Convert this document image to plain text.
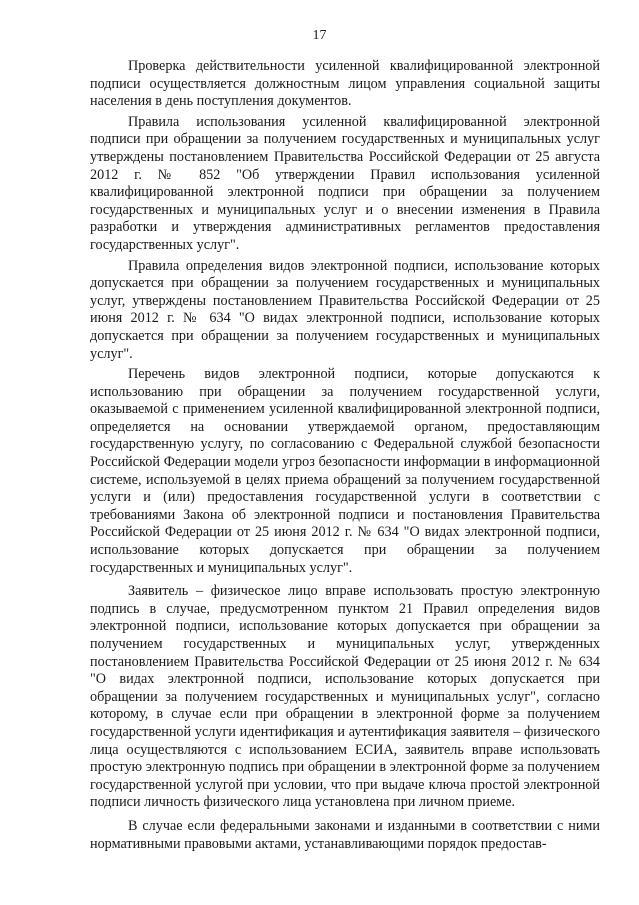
17

Проверка действительности усиленной квалифицированной электронной подписи осуществляется должностным лицом управления социальной защиты населения в день поступления документов.

Правила использования усиленной квалифицированной электронной подписи при обращении за получением государственных и муниципальных услуг утверждены постановлением Правительства Российской Федерации от 25 августа 2012 г. № 852 "Об утверждении Правил использования усиленной квалифицированной электронной подписи при обращении за получением государственных и муниципальных услуг и о внесении изменения в Правила разработки и утверждения административных регламентов предоставления государственных услуг".

Правила определения видов электронной подписи, использование которых допускается при обращении за получением государственных и муниципальных услуг, утверждены постановлением Правительства Российской Федерации от 25 июня 2012 г. № 634 "О видах электронной подписи, использование которых допускается при обращении за получением государственных и муниципальных услуг".

Перечень видов электронной подписи, которые допускаются к использованию при обращении за получением государственной услуги, оказываемой с применением усиленной квалифицированной электронной подписи, определяется на основании утверждаемой органом, предоставляющим государственную услугу, по согласованию с Федеральной службой безопасности Российской Федерации модели угроз безопасности информации в информационной системе, используемой в целях приема обращений за получением государственной услуги и (или) предоставления государственной услуги в соответствии с требованиями Закона об электронной подписи и постановления Правительства Российской Федерации от 25 июня 2012 г. № 634 "О видах электронной подписи, использование которых допускается при обращении за получением государственных и муниципальных услуг".

Заявитель – физическое лицо вправе использовать простую электронную подпись в случае, предусмотренном пунктом 21 Правил определения видов электронной подписи, использование которых допускается при обращении за получением государственных и муниципальных услуг, утвержденных постановлением Правительства Российской Федерации от 25 июня 2012 г. № 634 "О видах электронной подписи, использование которых допускается при обращении за получением государственных и муниципальных услуг", согласно которому, в случае если при обращении в электронной форме за получением государственной услуги идентификация и аутентификация заявителя – физического лица осуществляются с использованием ЕСИА, заявитель вправе использовать простую электронную подпись при обращении в электронной форме за получением государственной услугой при условии, что при выдаче ключа простой электронной подписи личность физического лица установлена при личном приеме.

В случае если федеральными законами и изданными в соответствии с ними нормативными правовыми актами, устанавливающими порядок предостав-
